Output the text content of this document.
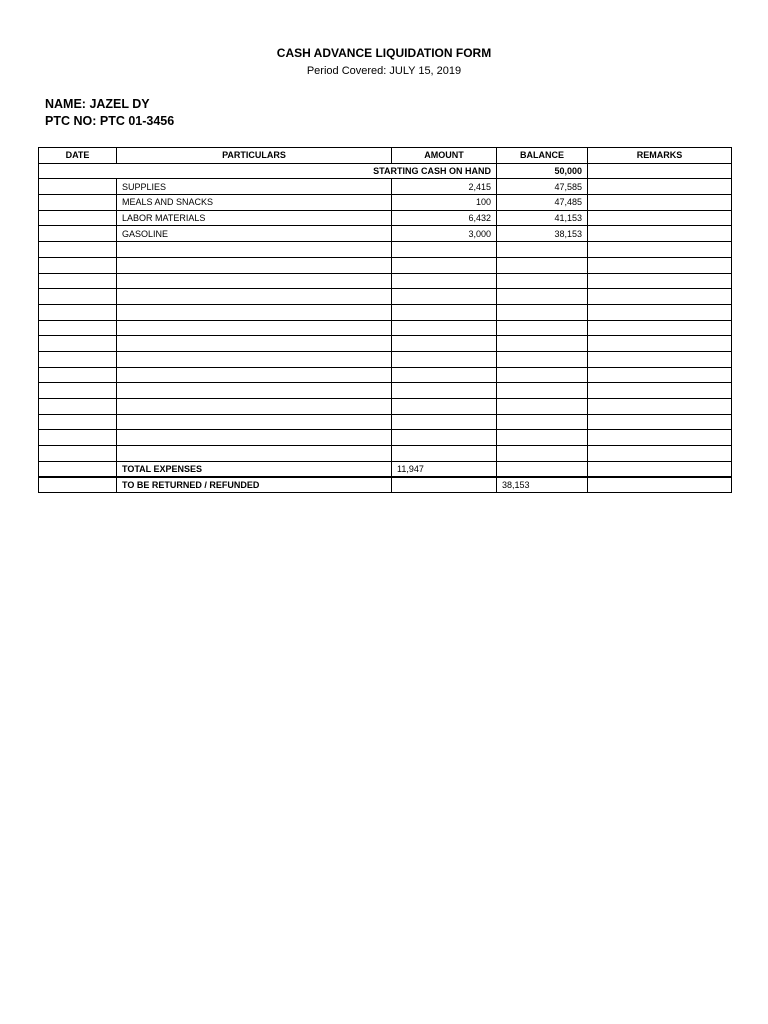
CASH ADVANCE LIQUIDATION FORM
Period Covered: JULY 15, 2019
NAME: JAZEL DY
PTC NO: PTC 01-3456
DATE	PARTICULARS	AMOUNT	BALANCE	REMARKS
STARTING CASH ON HAND			50,000	
	SUPPLIES	2,415	47,585	
	MEALS AND SNACKS	100	47,485	
	LABOR MATERIALS	6,432	41,153	
	GASOLINE	3,000	38,153	

	TOTAL EXPENSES	11,947		
	TO BE RETURNED / REFUNDED		38,153	
